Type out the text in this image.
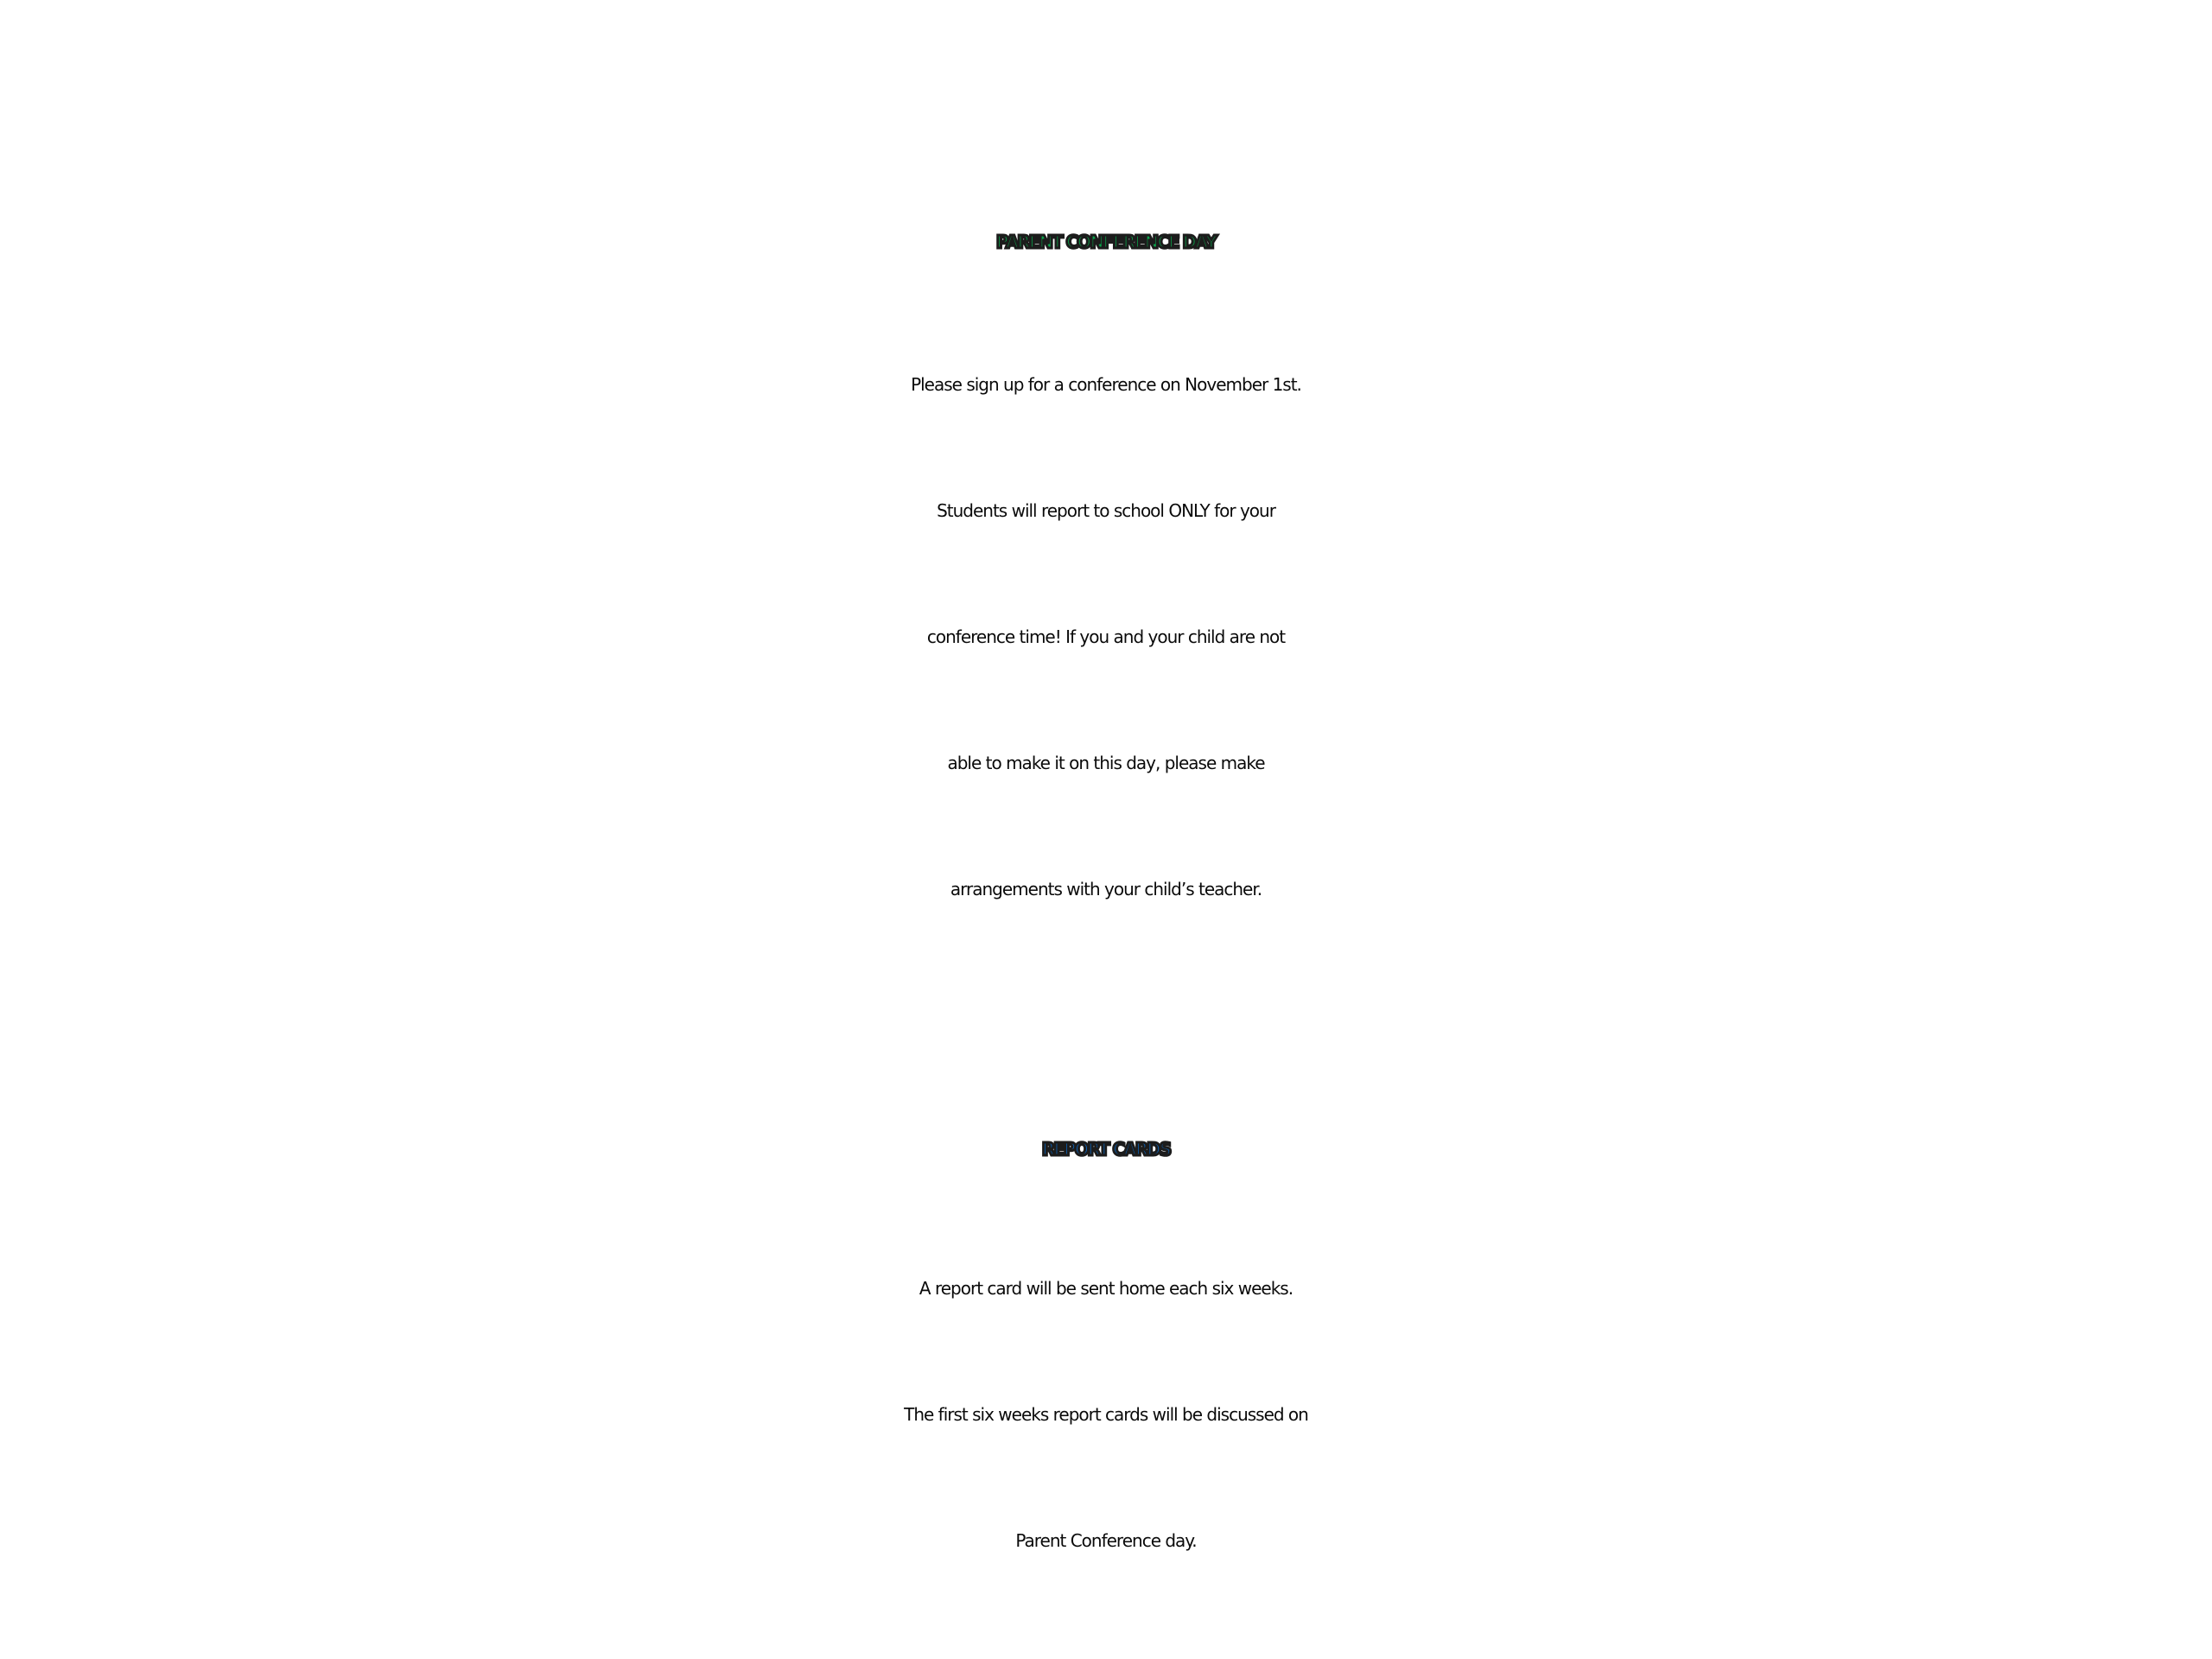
PARENT CONFERENCE DAY

Please sign up for a conference on November 1st.
Students will report to school ONLY for your
conference time! If you and your child are not
able to make it on this day, please make
arrangements with your child’s teacher.

REPORT CARDS

A report card will be sent home each six weeks.
The first six weeks report cards will be discussed on
Parent Conference day.
